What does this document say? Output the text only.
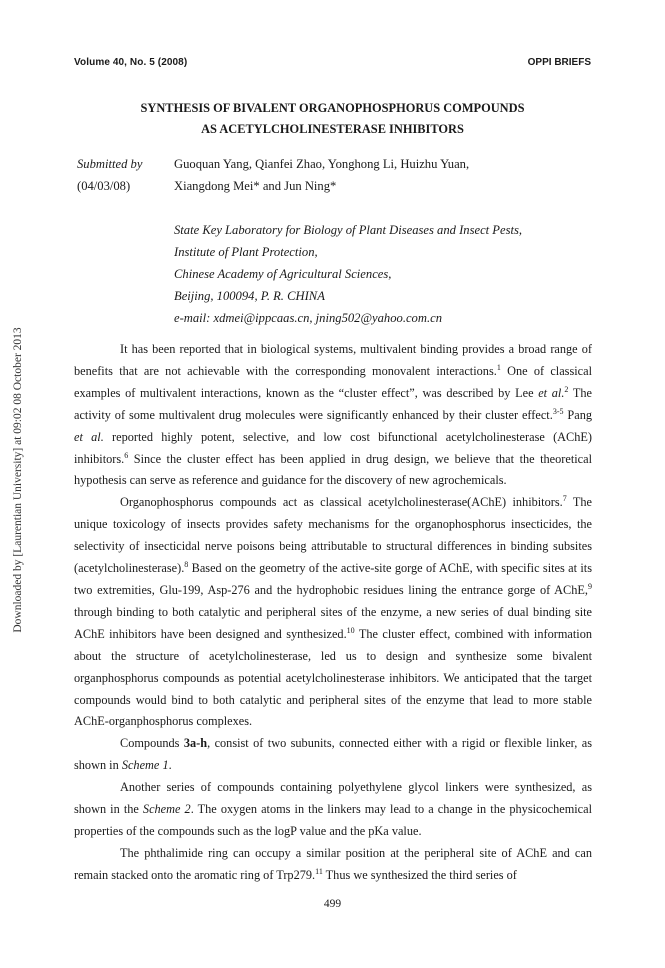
Volume 40, No. 5 (2008)	OPPI BRIEFS
Downloaded by [Laurentian University] at 09:02 08 October 2013
SYNTHESIS OF BIVALENT ORGANOPHOSPHORUS COMPOUNDS
AS ACETYLCHOLINESTERASE INHIBITORS
Submitted by
(04/03/08)
Guoquan Yang, Qianfei Zhao, Yonghong Li, Huizhu Yuan,
Xiangdong Mei* and Jun Ning*
State Key Laboratory for Biology of Plant Diseases and Insect Pests,
Institute of Plant Protection,
Chinese Academy of Agricultural Sciences,
Beijing, 100094, P. R. CHINA
e-mail: xdmei@ippcaas.cn, jning502@yahoo.com.cn

It has been reported that in biological systems, multivalent binding provides a broad range of benefits that are not achievable with the corresponding monovalent interactions.$^1$ One of classical examples of multivalent interactions, known as the “cluster effect”, was described by Lee et al.$^2$ The activity of some multivalent drug molecules were significantly enhanced by their cluster effect.$^{3-5}$ Pang et al. reported highly potent, selective, and low cost bifunctional acetylcholinesterase (AChE) inhibitors.$^6$ Since the cluster effect has been applied in drug design, we believe that the theoretical hypothesis can serve as reference and guidance for the discovery of new agrochemicals.

Organophosphorus compounds act as classical acetylcholinesterase(AChE) inhibitors.$^7$ The unique toxicology of insects provides safety mechanisms for the organophosphorus insecticides, the selectivity of insecticidal nerve poisons being attributable to structural differences in binding subsites (acetylcholinesterase).$^8$ Based on the geometry of the active-site gorge of AChE, with specific sites at its two extremities, Glu-199, Asp-276 and the hydrophobic residues lining the entrance gorge of AChE,$^9$ through binding to both catalytic and peripheral sites of the enzyme, a new series of dual binding site AChE inhibitors have been designed and synthesized.$^{10}$ The cluster effect, combined with information about the structure of acetylcholinesterase, led us to design and synthesize some bivalent organphosphorus compounds as potential acetylcholinesterase inhibitors. We anticipated that the target compounds would bind to both catalytic and peripheral sites of the enzyme that lead to more stable AChE-organphosphorus complexes.

Compounds 3a-h, consist of two subunits, connected either with a rigid or flexible linker, as shown in Scheme 1.

Another series of compounds containing polyethylene glycol linkers were synthesized, as shown in the Scheme 2. The oxygen atoms in the linkers may lead to a change in the physicochemical properties of the compounds such as the logP value and the pKa value.

The phthalimide ring can occupy a similar position at the peripheral site of AChE and can remain stacked onto the aromatic ring of Trp279.11 Thus we synthesized the third series of

499
